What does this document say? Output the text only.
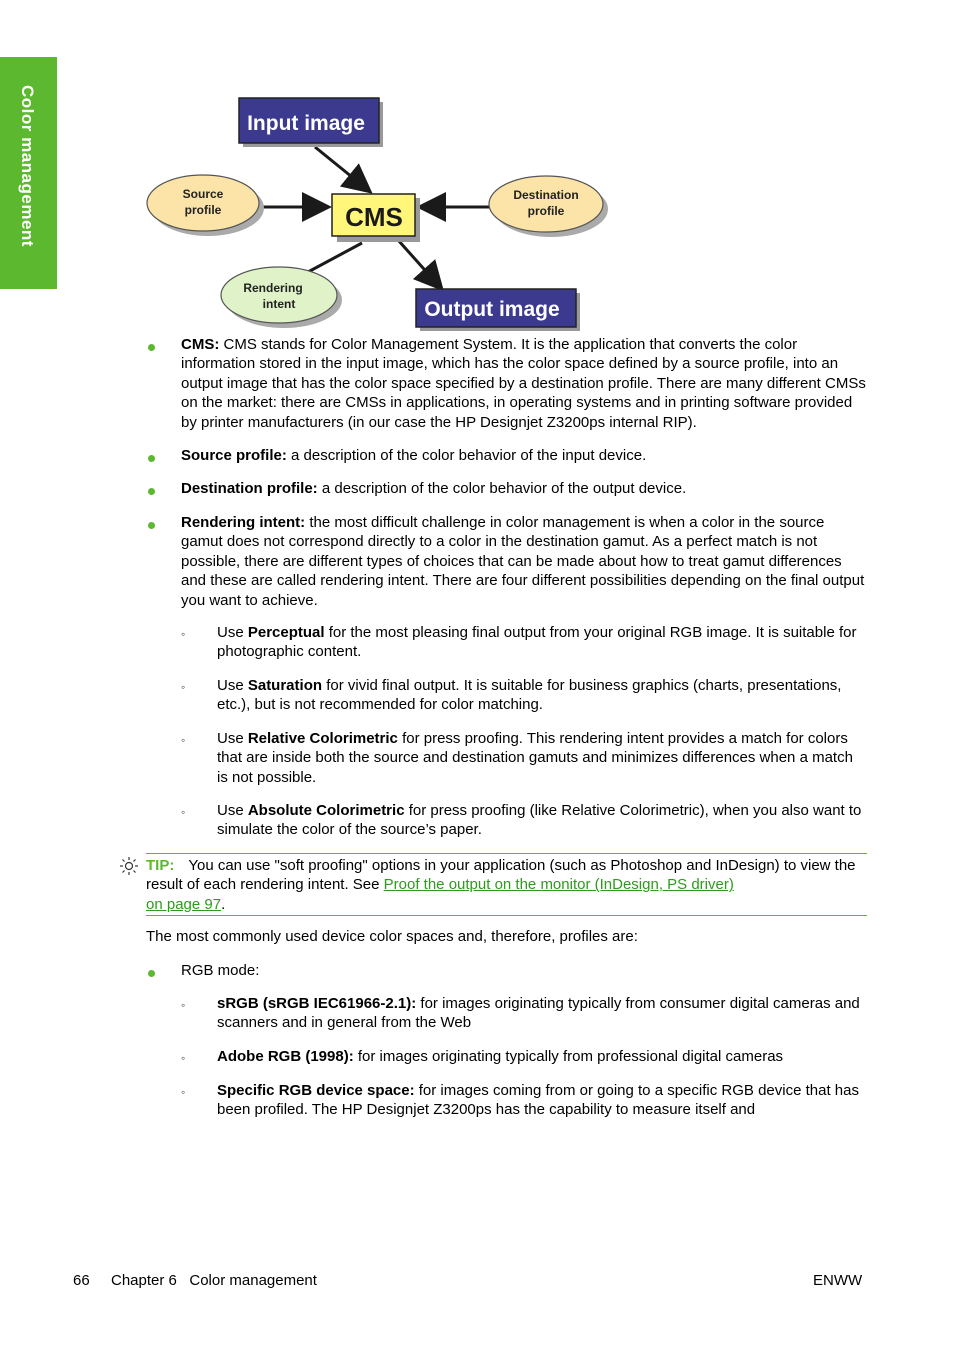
Color management	Input image
Output image
CMS
Source
profile
Destination
profile
Rendering
intent
CMS: CMS stands for Color Management System. It is the application that converts the color information stored in the input image, which has the color space defined by a source profile, into an output image that has the color space specified by a destination profile. There are many different CMSs on the market: there are CMSs in applications, in operating systems and in printing software provided by printer manufacturers (in our case the HP Designjet Z3200ps internal RIP).
Source profile: a description of the color behavior of the input device.
Destination profile: a description of the color behavior of the output device.
Rendering intent: the most difficult challenge in color management is when a color in the source gamut does not correspond directly to a color in the destination gamut. As a perfect match is not possible, there are different types of choices that can be made about how to treat gamut differences and these are called rendering intent. There are four different possibilities depending on the final output you want to achieve.
◦ Use Perceptual for the most pleasing final output from your original RGB image. It is suitable for photographic content.
◦ Use Saturation for vivid final output. It is suitable for business graphics (charts, presentations, etc.), but is not recommended for color matching.
◦ Use Relative Colorimetric for press proofing. This rendering intent provides a match for colors that are inside both the source and destination gamuts and minimizes differences when a match is not possible.
◦ Use Absolute Colorimetric for press proofing (like Relative Colorimetric), when you also want to simulate the color of the source’s paper.
TIP: You can use "soft proofing" options in your application (such as Photoshop and InDesign) to view the result of each rendering intent. See Proof the output on the monitor (InDesign, PS driver)
on page 97.
The most commonly used device color spaces and, therefore, profiles are:
RGB mode:
◦ sRGB (sRGB IEC61966-2.1): for images originating typically from consumer digital cameras and scanners and in general from the Web
◦ Adobe RGB (1998): for images originating typically from professional digital cameras
◦ Specific RGB device space: for images coming from or going to a specific RGB device that has been profiled. The HP Designjet Z3200ps has the capability to measure itself and
66 Chapter 6   Color management	ENWW
